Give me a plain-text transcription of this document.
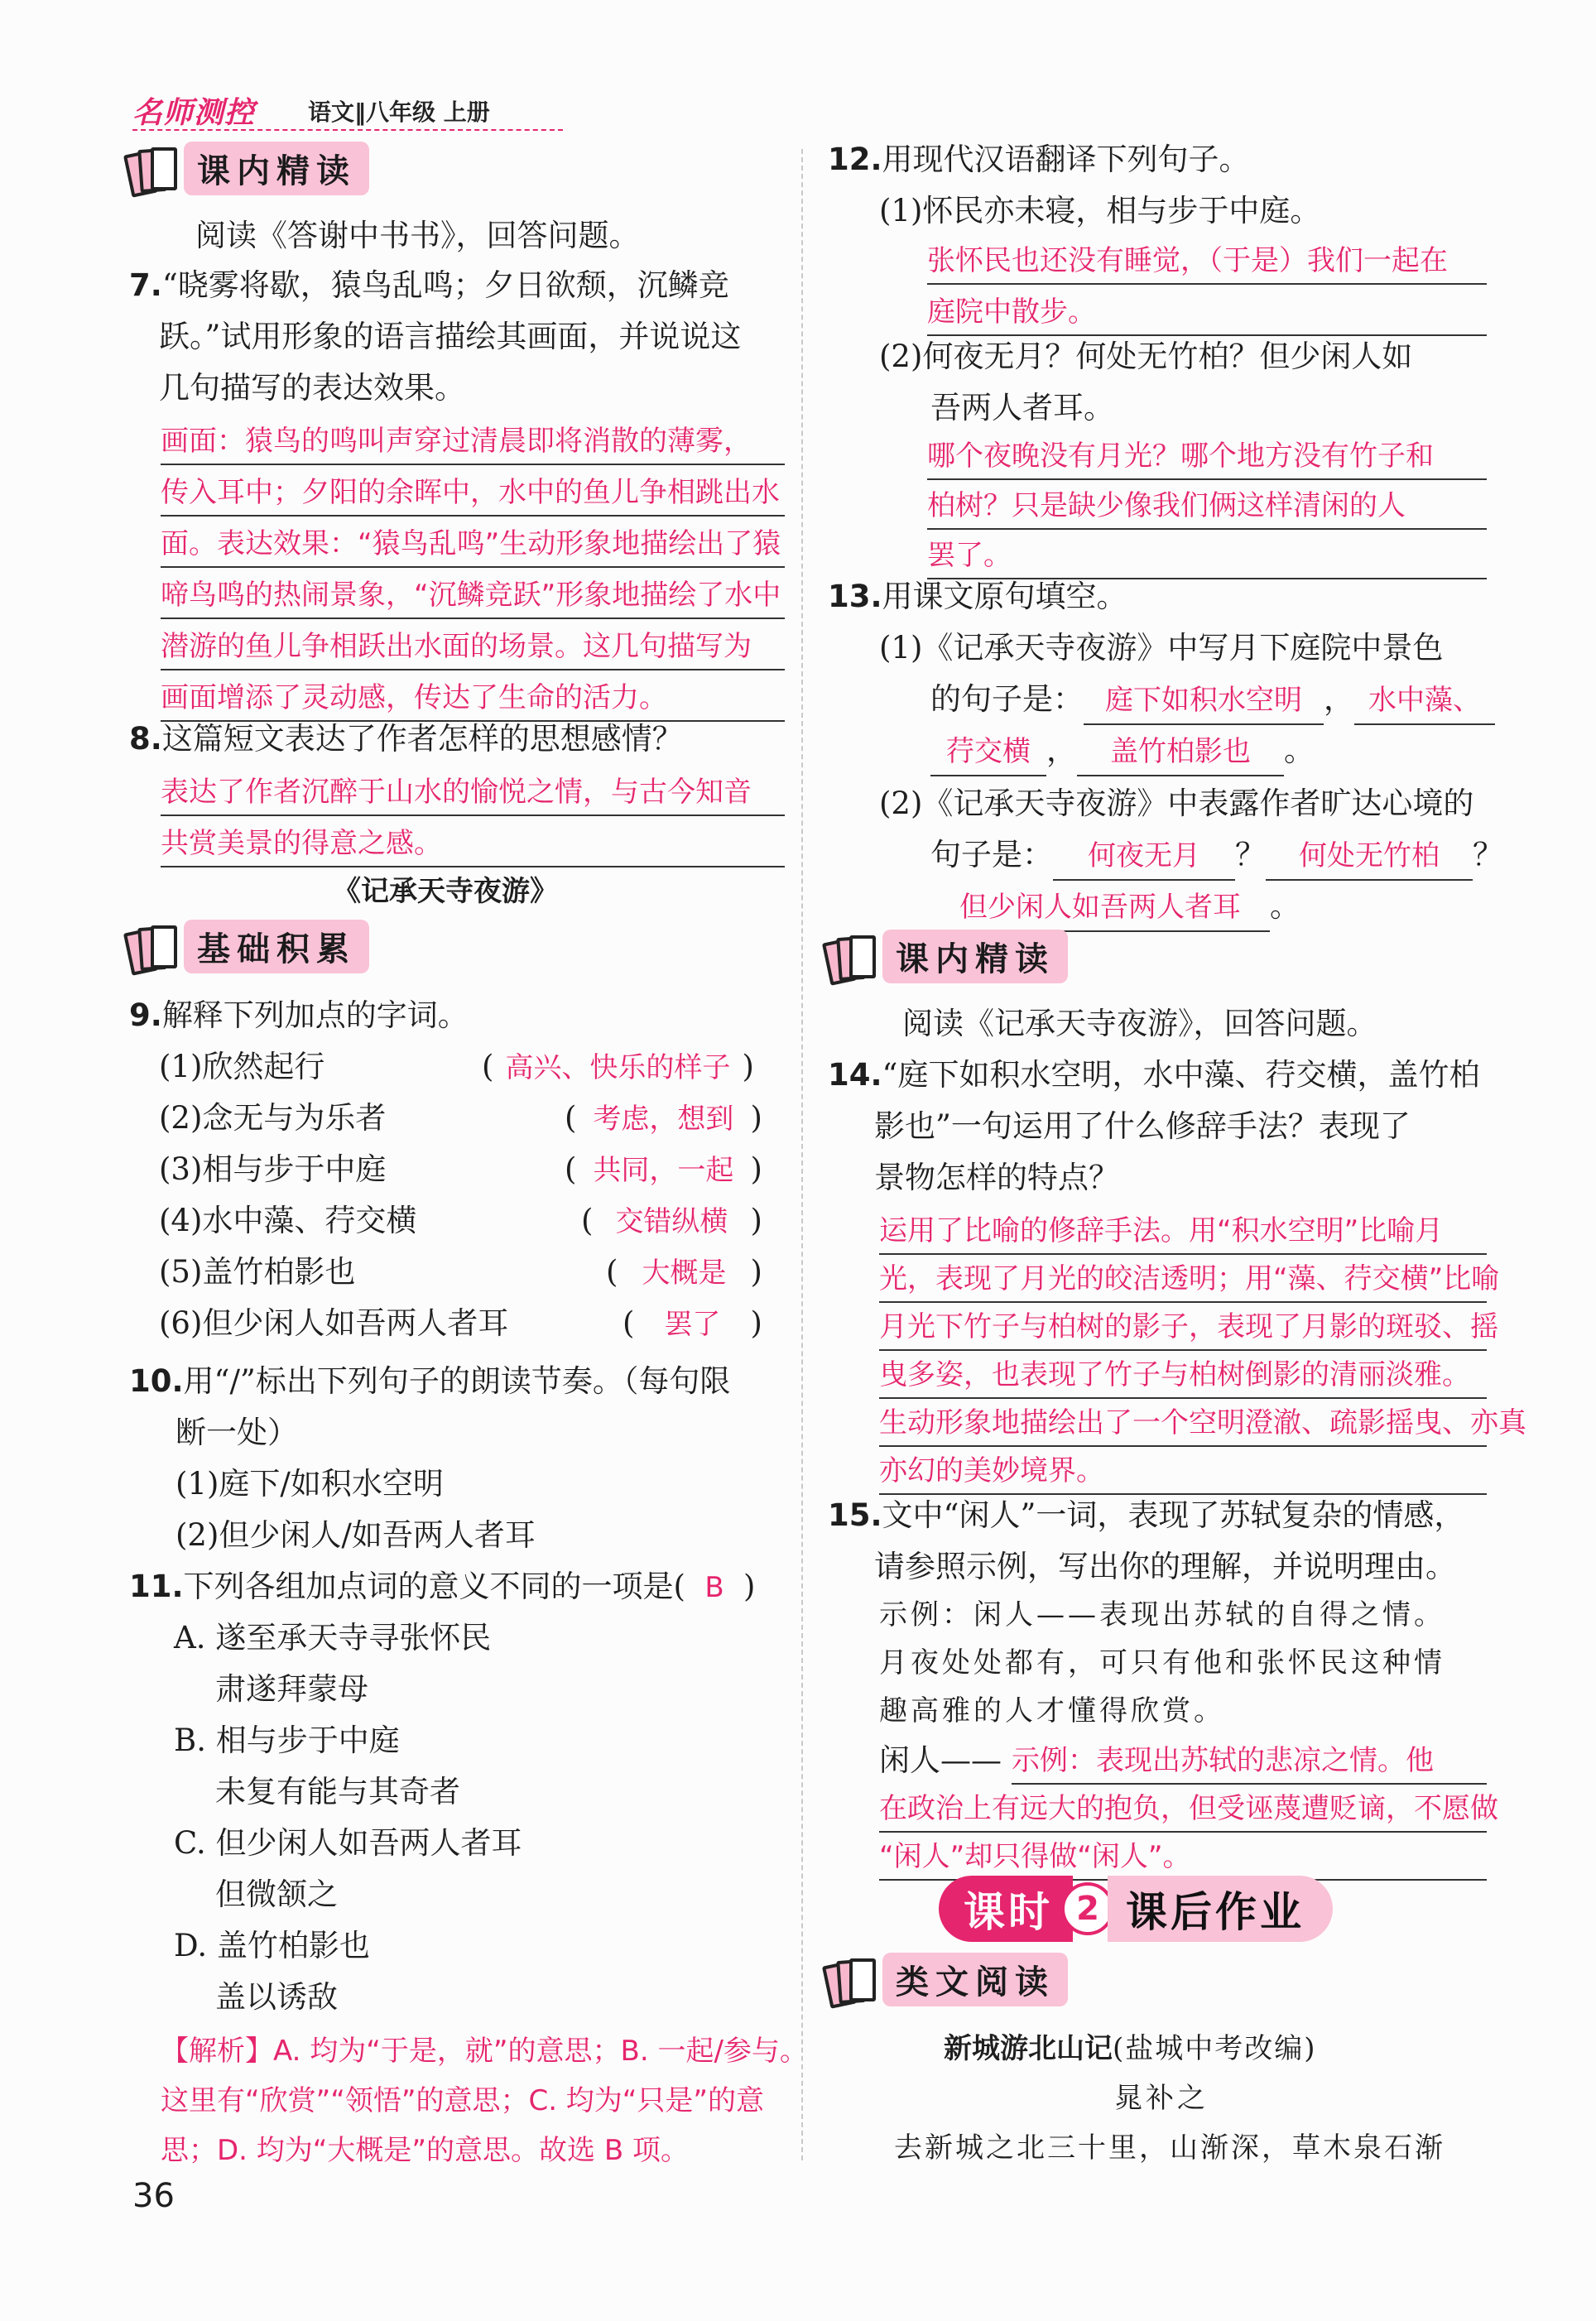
名师测控 语文‖八年级 上册
课内精读
阅读《答谢中书书》，回答问题。
7.“晓雾将歇，猿鸟乱鸣；夕日欲颓，沉鳞竞
跃。”试用形象的语言描绘其画面，并说说这
几句描写的表达效果。
画面：猿鸟的鸣叫声穿过清晨即将消散的薄雾，
传入耳中；夕阳的余晖中，水中的鱼儿争相跳出水
面。表达效果：“猿鸟乱鸣”生动形象地描绘出了猿
啼鸟鸣的热闹景象，“沉鳞竞跃”形象地描绘了水中
潜游的鱼儿争相跃出水面的场景。这几句描写为
画面增添了灵动感，传达了生命的活力。
8.这篇短文表达了作者怎样的思想感情？
表达了作者沉醉于山水的愉悦之情，与古今知音
共赏美景的得意之感。
《记承天寺夜游》
基础积累
9.解释下列加点的字词。
(1)欣然起行	( 高兴、快乐的样子 )
(2)念无与为乐者	( 考虑，想到 )
(3)相与步于中庭	( 共同，一起 )
(4)水中藻、荇交横	( 交错纵横 )
(5)盖竹柏影也	( 大概是 )
(6)但少闲人如吾两人者耳	( 罢了 )
10.用“/”标出下列句子的朗读节奏。（每句限
断一处）
(1)庭下/如积水空明
(2)但少闲人/如吾两人者耳
11.下列各组加点词的意义不同的一项是( B )
A. 遂至承天寺寻张怀民
肃遂拜蒙母
B. 相与步于中庭
未复有能与其奇者
C. 但少闲人如吾两人者耳
但微颔之
D. 盖竹柏影也
盖以诱敌
【解析】A. 均为“于是，就”的意思；B. 一起/参与。
这里有“欣赏”“领悟”的意思；C. 均为“只是”的意
思；D. 均为“大概是”的意思。故选 B 项。
36
12.用现代汉语翻译下列句子。
(1)怀民亦未寝，相与步于中庭。
张怀民也还没有睡觉，（于是）我们一起在
庭院中散步。
(2)何夜无月？何处无竹柏？但少闲人如
吾两人者耳。
哪个夜晚没有月光？哪个地方没有竹子和
柏树？只是缺少像我们俩这样清闲的人
罢了。
13.用课文原句填空。
(1)《记承天寺夜游》中写月下庭院中景色
的句子是： 庭下如积水空明 ， 水中藻、
荇交横 ， 盖竹柏影也 。
(2)《记承天寺夜游》中表露作者旷达心境的
句子是： 何夜无月 ？ 何处无竹柏 ？
但少闲人如吾两人者耳 。
课内精读
阅读《记承天寺夜游》，回答问题。
14.“庭下如积水空明，水中藻、荇交横，盖竹柏
影也”一句运用了什么修辞手法？表现了
景物怎样的特点？
运用了比喻的修辞手法。用“积水空明”比喻月
光，表现了月光的皎洁透明；用“藻、荇交横”比喻
月光下竹子与柏树的影子，表现了月影的斑驳、摇
曳多姿，也表现了竹子与柏树倒影的清丽淡雅。
生动形象地描绘出了一个空明澄澈、疏影摇曳、亦真
亦幻的美妙境界。
15.文中“闲人”一词，表现了苏轼复杂的情感，
请参照示例，写出你的理解，并说明理由。
示例：闲人——表现出苏轼的自得之情。
月夜处处都有，可只有他和张怀民这种情
趣高雅的人才懂得欣赏。
闲人—— 示例：表现出苏轼的悲凉之情。他
在政治上有远大的抱负，但受诬蔑遭贬谪，不愿做
“闲人”却只得做“闲人”。
课时 2 课后作业
类文阅读
新城游北山记(盐城中考改编)
晁补之
去新城之北三十里，山渐深，草木泉石渐
